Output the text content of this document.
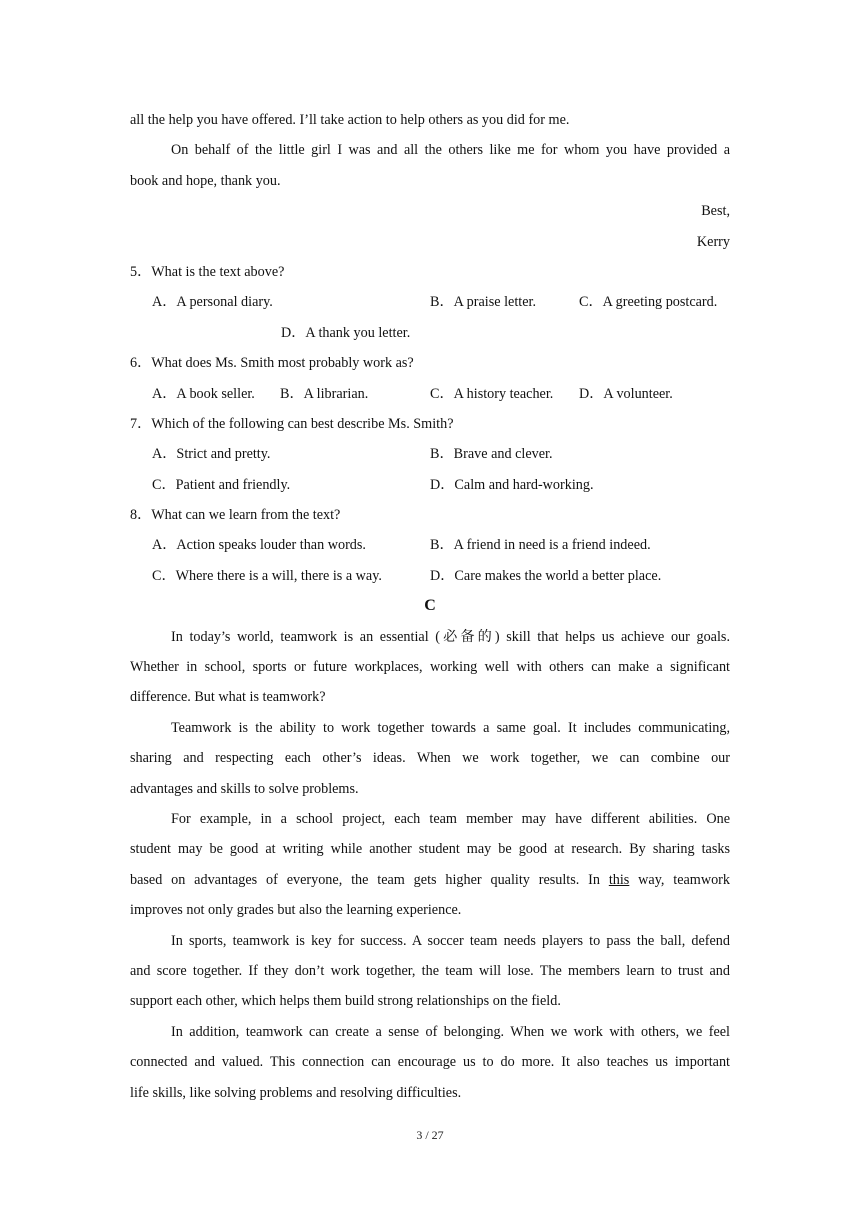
all the help you have offered. I’ll take action to help others as you did for me.
On behalf of the little girl I was and all the others like me for whom you have provided a
book and hope, thank you.
Best,
Kerry
5．What is the text above?
A．A personal diary.	B．A praise letter.	C．A greeting postcard.
D．A thank you letter.
6．What does Ms. Smith most probably work as?
A．A book seller. B．A librarian.	C．A history teacher. D．A volunteer.
7．Which of the following can best describe Ms. Smith?
A．Strict and pretty.	B．Brave and clever.
C．Patient and friendly.	D．Calm and hard-working.
8．What can we learn from the text?
A．Action speaks louder than words.	B．A friend in need is a friend indeed.
C．Where there is a will, there is a way.	D．Care makes the world a better place.
C
In today’s world, teamwork is an essential (必备的) skill that helps us achieve our goals.
Whether in school, sports or future workplaces, working well with others can make a significant
difference. But what is teamwork?
Teamwork is the ability to work together towards a same goal. It includes communicating,
sharing and respecting each other’s ideas. When we work together, we can combine our
advantages and skills to solve problems.
For example, in a school project, each team member may have different abilities. One
student may be good at writing while another student may be good at research. By sharing tasks
based on advantages of everyone, the team gets higher quality results. In this way, teamwork
improves not only grades but also the learning experience.
In sports, teamwork is key for success. A soccer team needs players to pass the ball, defend
and score together. If they don’t work together, the team will lose. The members learn to trust and
support each other, which helps them build strong relationships on the field.
In addition, teamwork can create a sense of belonging. When we work with others, we feel
connected and valued. This connection can encourage us to do more. It also teaches us important
life skills, like solving problems and resolving difficulties.
3 / 27
